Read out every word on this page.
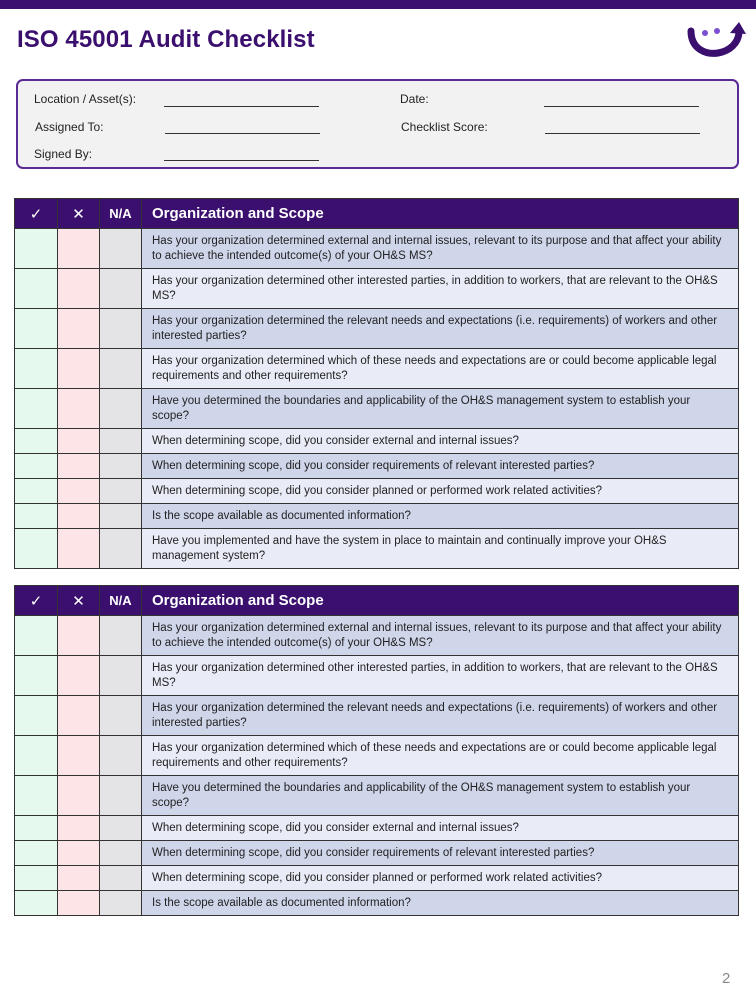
ISO 45001 Audit Checklist
Location / Asset(s):	Date:
Assigned To:	Checklist Score:
Signed By:
✓	✕	N/A	Organization and Scope
			Has your organization determined external and internal issues, relevant to its purpose and that affect your ability to achieve the intended outcome(s) of your OH&S MS?
			Has your organization determined other interested parties, in addition to workers, that are relevant to the OH&S MS?
			Has your organization determined the relevant needs and expectations (i.e. requirements) of workers and other interested parties?
			Has your organization determined which of these needs and expectations are or could become applicable legal requirements and other requirements?
			Have you determined the boundaries and applicability of the OH&S management system to establish your scope?
			When determining scope, did you consider external and internal issues?
			When determining scope, did you consider requirements of relevant interested parties?
			When determining scope, did you consider planned or performed work related activities?
			Is the scope available as documented information?
			Have you implemented and have the system in place to maintain and continually improve your OH&S management system?
✓	✕	N/A	Organization and Scope
			Has your organization determined external and internal issues, relevant to its purpose and that affect your ability to achieve the intended outcome(s) of your OH&S MS?
			Has your organization determined other interested parties, in addition to workers, that are relevant to the OH&S MS?
			Has your organization determined the relevant needs and expectations (i.e. requirements) of workers and other interested parties?
			Has your organization determined which of these needs and expectations are or could become applicable legal requirements and other requirements?
			Have you determined the boundaries and applicability of the OH&S management system to establish your scope?
			When determining scope, did you consider external and internal issues?
			When determining scope, did you consider requirements of relevant interested parties?
			When determining scope, did you consider planned or performed work related activities?
			Is the scope available as documented information?
2
